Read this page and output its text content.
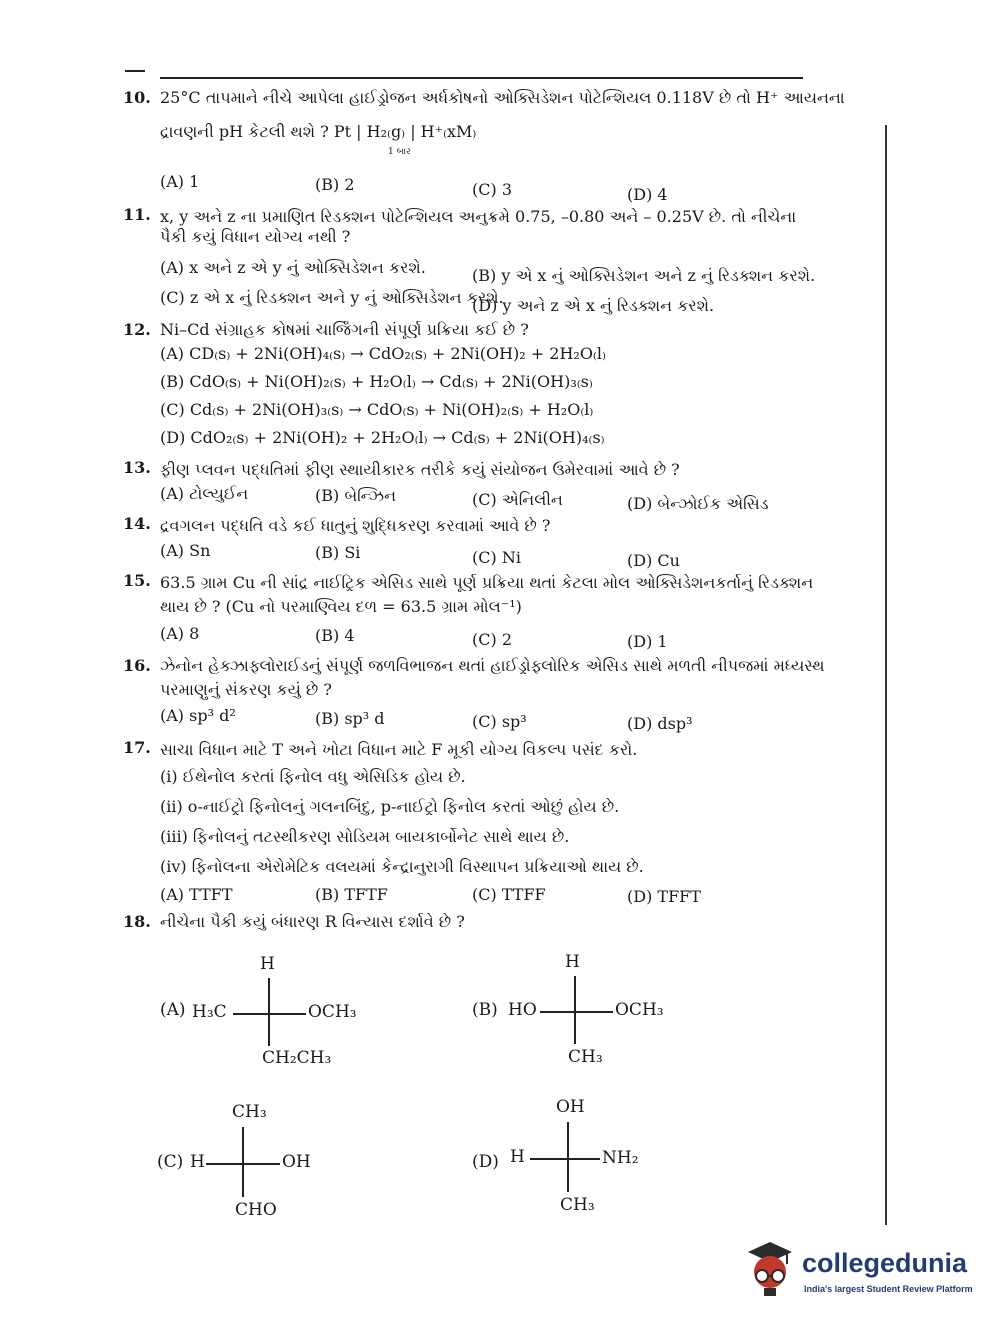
10. 25°C તાપમાને નીચે આપેલા હાઈડ્રોજન અર્ધકોષનો ઓક્સિડેશન પોટેન્શિયલ 0.118V છે તો H⁺ આયનના
દ્રાવણની pH કેટલી થશે ? Pt | H₂₍g₎ | H⁺₍xM₎
1 બાર
(A) 1	(B) 2	(C) 3	(D) 4
11. x, y અને z ના પ્રમાણિત રિડક્શન પોટેન્શિયલ અનુક્રમે 0.75, –0.80 અને – 0.25V છે. તો નીચેના
પૈકી કયું વિધાન યોગ્ય નથી ?
(A) x અને z એ y નું ઓક્સિડેશન કરશે.	(B) y એ x નું ઓક્સિડેશન અને z નું રિડક્શન કરશે.
(C) z એ x નું રિડક્શન અને y નું ઓક્સિડેશન કરશે.
(D) y અને z એ x નું રિડક્શન કરશે.
12. Ni–Cd સંગ્રાહક કોષમાં ચાર્જિંગની સંપૂર્ણ પ્રક્રિયા કઈ છે ?
(A) CD₍s₎ + 2Ni(OH)₄₍s₎ → CdO₂₍s₎ + 2Ni(OH)₂ + 2H₂O₍l₎
(B) CdO₍s₎ + Ni(OH)₂₍s₎ + H₂O₍l₎ → Cd₍s₎ + 2Ni(OH)₃₍s₎
(C) Cd₍s₎ + 2Ni(OH)₃₍s₎ → CdO₍s₎ + Ni(OH)₂₍s₎ + H₂O₍l₎
(D) CdO₂₍s₎ + 2Ni(OH)₂ + 2H₂O₍l₎ → Cd₍s₎ + 2Ni(OH)₄₍s₎
13. ફીણ પ્લવન પદ્ધતિમાં ફીણ સ્થાયીકારક તરીકે કયું સંયોજન ઉમેરવામાં આવે છે ?
(A) ટોલ્યુઈન	(B) બેન્ઝિન	(C) એનિલીન	(D) બેન્ઝોઈક એસિડ
14. દ્રવગલન પદ્ધતિ વડે કઈ ધાતુનું શુદ્ધિકરણ કરવામાં આવે છે ?
(A) Sn	(B) Si	(C) Ni	(D) Cu
15. 63.5 ગ્રામ Cu ની સાંદ્ર નાઈટ્રિક એસિડ સાથે પૂર્ણ પ્રક્રિયા થતાં કેટલા મોલ ઓક્સિડેશનકર્તાનું રિડક્શન
થાય છે ? (Cu નો પરમાણ્વિય દળ = 63.5 ગ્રામ મોલ⁻¹)
(A) 8	(B) 4	(C) 2	(D) 1
16. ઝેનોન હેક્ઝાફ્લોરાઈડનું સંપૂર્ણ જળવિભાજન થતાં હાઈડ્રોફ્લોરિક એસિડ સાથે મળતી નીપજમાં મધ્યસ્થ
પરમાણુનું સંકરણ કયું છે ?
(A) sp³ d²	(B) sp³ d	(C) sp³	(D) dsp³
17. સાચા વિધાન માટે T અને ખોટા વિધાન માટે F મૂકી યોગ્ય વિકલ્પ પસંદ કરો.
(i) ઈથેનોલ કરતાં ફિનોલ વધુ એસિડિક હોય છે.
(ii) o-નાઈટ્રો ફિનોલનું ગલનબિંદુ, p-નાઈટ્રો ફિનોલ કરતાં ઓછું હોય છે.
(iii) ફિનોલનું તટસ્થીકરણ સોડિયમ બાયકાર્બોનેટ સાથે થાય છે.
(iv) ફિનોલના એરોમેટિક વલયમાં કેન્દ્રાનુરાગી વિસ્થાપન પ્રક્રિયાઓ થાય છે.
(A) TTFT	(B) TFTF	(C) TTFF	(D) TFFT
18. નીચેના પૈકી કયું બંધારણ R વિન્યાસ દર્શાવે છે ?
(A)
H
H₃C	OCH₃
CH₂CH₃
(B)
H
HO	OCH₃
CH₃
(C)
CH₃
H	OH
CHO
(D)
OH
H	NH₂
CH₃
collegedunia
India's largest Student Review Platform
